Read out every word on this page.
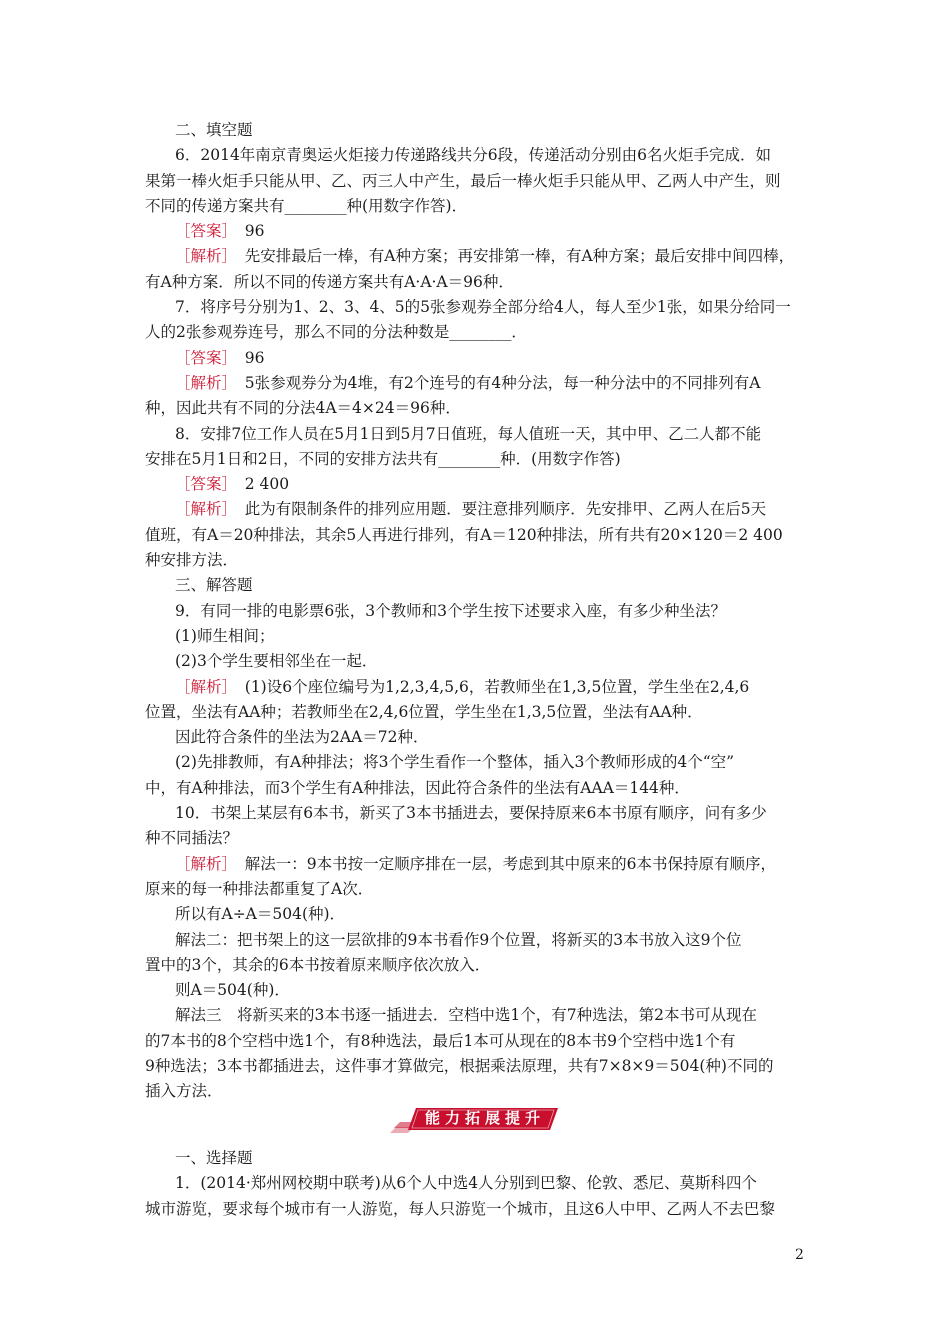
二、填空题
6．2014年南京青奥运火炬接力传递路线共分6段，传递活动分别由6名火炬手完成．如
果第一棒火炬手只能从甲、乙、丙三人中产生，最后一棒火炬手只能从甲、乙两人中产生，则
不同的传递方案共有________种(用数字作答)．
［答案］　96
［解析］　先安排最后一棒，有A种方案；再安排第一棒，有A种方案；最后安排中间四棒，
有A种方案．所以不同的传递方案共有A·A·A＝96种．
7．将序号分别为1、2、3、4、5的5张参观券全部分给4人，每人至少1张，如果分给同一
人的2张参观券连号，那么不同的分法种数是________．
［答案］　96
［解析］　5张参观券分为4堆，有2个连号的有4种分法，每一种分法中的不同排列有A
种，因此共有不同的分法4A＝4×24＝96种．
8．安排7位工作人员在5月1日到5月7日值班，每人值班一天，其中甲、乙二人都不能
安排在5月1日和2日，不同的安排方法共有________种．(用数字作答)
［答案］　2 400
［解析］　此为有限制条件的排列应用题．要注意排列顺序．先安排甲、乙两人在后5天
值班，有A＝20种排法，其余5人再进行排列，有A＝120种排法，所有共有20×120＝2 400
种安排方法．
三、解答题
9．有同一排的电影票6张，3个教师和3个学生按下述要求入座，有多少种坐法？
(1)师生相间；
(2)3个学生要相邻坐在一起．
［解析］　(1)设6个座位编号为1,2,3,4,5,6，若教师坐在1,3,5位置，学生坐在2,4,6
位置，坐法有AA种；若教师坐在2,4,6位置，学生坐在1,3,5位置，坐法有AA种．
因此符合条件的坐法为2AA＝72种．
(2)先排教师，有A种排法；将3个学生看作一个整体，插入3个教师形成的4个“空”
中，有A种排法，而3个学生有A种排法，因此符合条件的坐法有AAA＝144种．
10．书架上某层有6本书，新买了3本书插进去，要保持原来6本书原有顺序，问有多少
种不同插法？
［解析］　解法一：9本书按一定顺序排在一层，考虑到其中原来的6本书保持原有顺序，
原来的每一种排法都重复了A次．
所以有A÷A＝504(种)．
解法二：把书架上的这一层欲排的9本书看作9个位置，将新买的3本书放入这9个位
置中的3个，其余的6本书按着原来顺序依次放入．
则A＝504(种)．
解法三　将新买来的3本书逐一插进去．空档中选1个，有7种选法，第2本书可从现在
的7本书的8个空档中选1个，有8种选法，最后1本可从现在的8本书9个空档中选1个有
9种选法；3本书都插进去，这件事才算做完，根据乘法原理，共有7×8×9＝504(种)不同的
插入方法．
能力拓展提升
一、选择题
1．(2014·郑州网校期中联考)从6个人中选4人分别到巴黎、伦敦、悉尼、莫斯科四个
城市游览，要求每个城市有一人游览，每人只游览一个城市，且这6人中甲、乙两人不去巴黎
2
